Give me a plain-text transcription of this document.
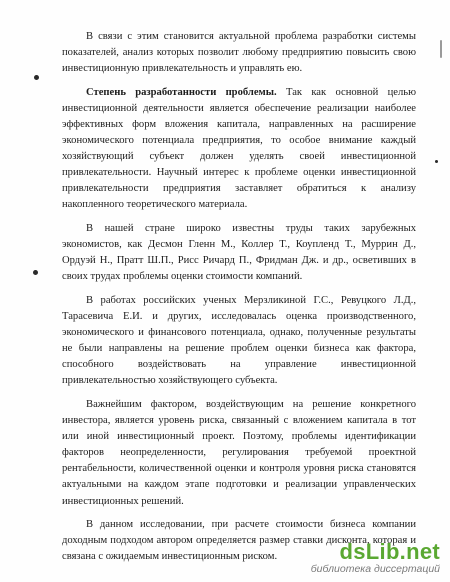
В связи с этим становится актуальной проблема разработки системы показателей, анализ которых позволит любому предприятию повысить свою инвестиционную привлекательность и управлять ею.

Степень разработанности проблемы. Так как основной целью инвестиционной деятельности является обеспечение реализации наиболее эффективных форм вложения капитала, направленных на расширение экономического потенциала предприятия, то особое внимание каждый хозяйствующий субъект должен уделять своей инвестиционной привлекательности. Научный интерес к проблеме оценки инвестиционной привлекательности предприятия заставляет обратиться к анализу накопленного теоретического материала.

В нашей стране широко известны труды таких зарубежных экономистов, как Десмон Гленн М., Коллер Т., Коупленд Т., Муррин Д., Ордуэй Н., Пратт Ш.П., Рисс Ричард П., Фридман Дж. и др., осветивших в своих трудах проблемы оценки стоимости компаний.

В работах российских ученых Мерзликиной Г.С., Ревуцкого Л.Д., Тарасевича Е.И. и других, исследовалась оценка производственного, экономического и финансового потенциала, однако, полученные результаты не были направлены на решение проблем оценки бизнеса как фактора, способного воздействовать на управление инвестиционной привлекательностью хозяйствующего субъекта.

Важнейшим фактором, воздействующим на решение конкретного инвестора, является уровень риска, связанный с вложением капитала в тот или иной инвестиционный проект. Поэтому, проблемы идентификации факторов неопределенности, регулирования требуемой проектной рентабельности, количественной оценки и контроля уровня риска становятся актуальными на каждом этапе подготовки и реализации управленческих инвестиционных решений.

В данном исследовании, при расчете стоимости бизнеса компании доходным подходом автором определяется размер ставки дисконта, которая и связана с ожидаемым инвестиционным риском.	dsLib.net
библиотека диссертаций
